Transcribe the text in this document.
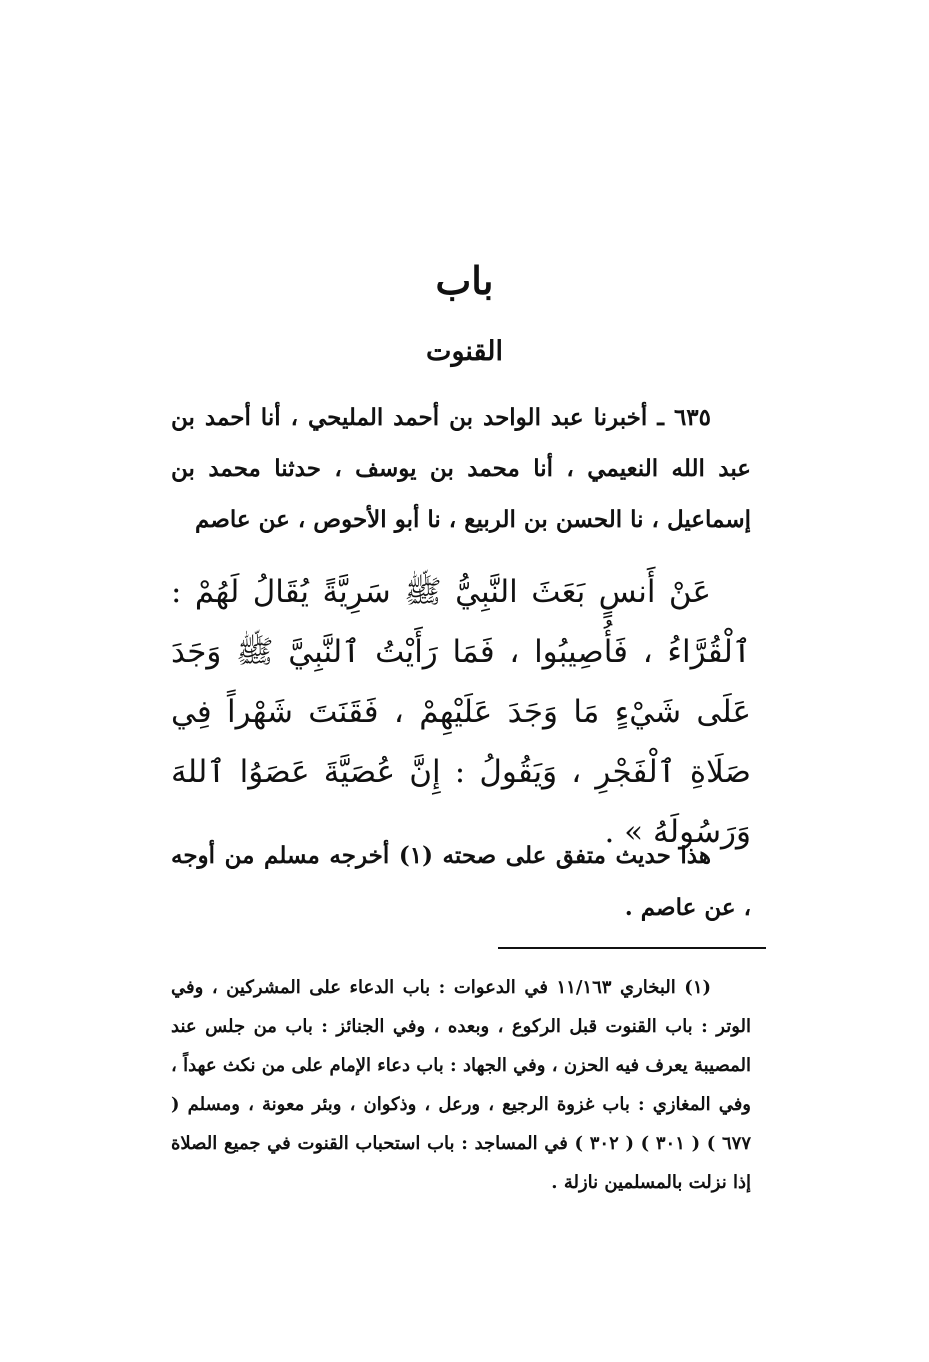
باب
القنوت

٦٣٥ ـ أخبرنا عبد الواحد بن أحمد المليحي ، أنا أحمد بن عبد الله النعيمي ، أنا محمد بن يوسف ، حدثنا محمد بن إسماعيل ، نا الحسن بن الربيع ، نا أبو الأحوص ، عن عاصم

عَنْ أَنسٍ بَعَثَ النَّبِيُّ ﷺ سَرِيَّةً يُقَالُ لَهُمْ : ٱلْقُرَّاءُ ، فَأُصِيبُوا ، فَمَا رَأَيْتُ ٱلنَّبِيَّ ﷺ وَجَدَ عَلَى شَيْءٍ مَا وَجَدَ عَلَيْهِمْ ، فَقَنَتَ شَهْراً فِي صَلَاةِ ٱلْفَجْرِ ، وَيَقُولُ : إِنَّ عُصَيَّةَ عَصَوُا ٱللهَ وَرَسُولَهُ » .

هذا حديث متفق على صحته (١) أخرجه مسلم من أوجه ، عن عاصم .

(١) البخاري ١١/١٦٣ في الدعوات : باب الدعاء على المشركين ، وفي الوتر : باب القنوت قبل الركوع ، وبعده ، وفي الجنائز : باب من جلس عند المصيبة يعرف فيه الحزن ، وفي الجهاد : باب دعاء الإمام على من نكث عهداً ، وفي المغازي : باب غزوة الرجيع ، ورعل ، وذكوان ، وبئر معونة ، ومسلم ( ٦٧٧ ) ( ٣٠١ ) ( ٣٠٢ ) في المساجد : باب استحباب القنوت في جميع الصلاة إذا نزلت بالمسلمين نازلة .
